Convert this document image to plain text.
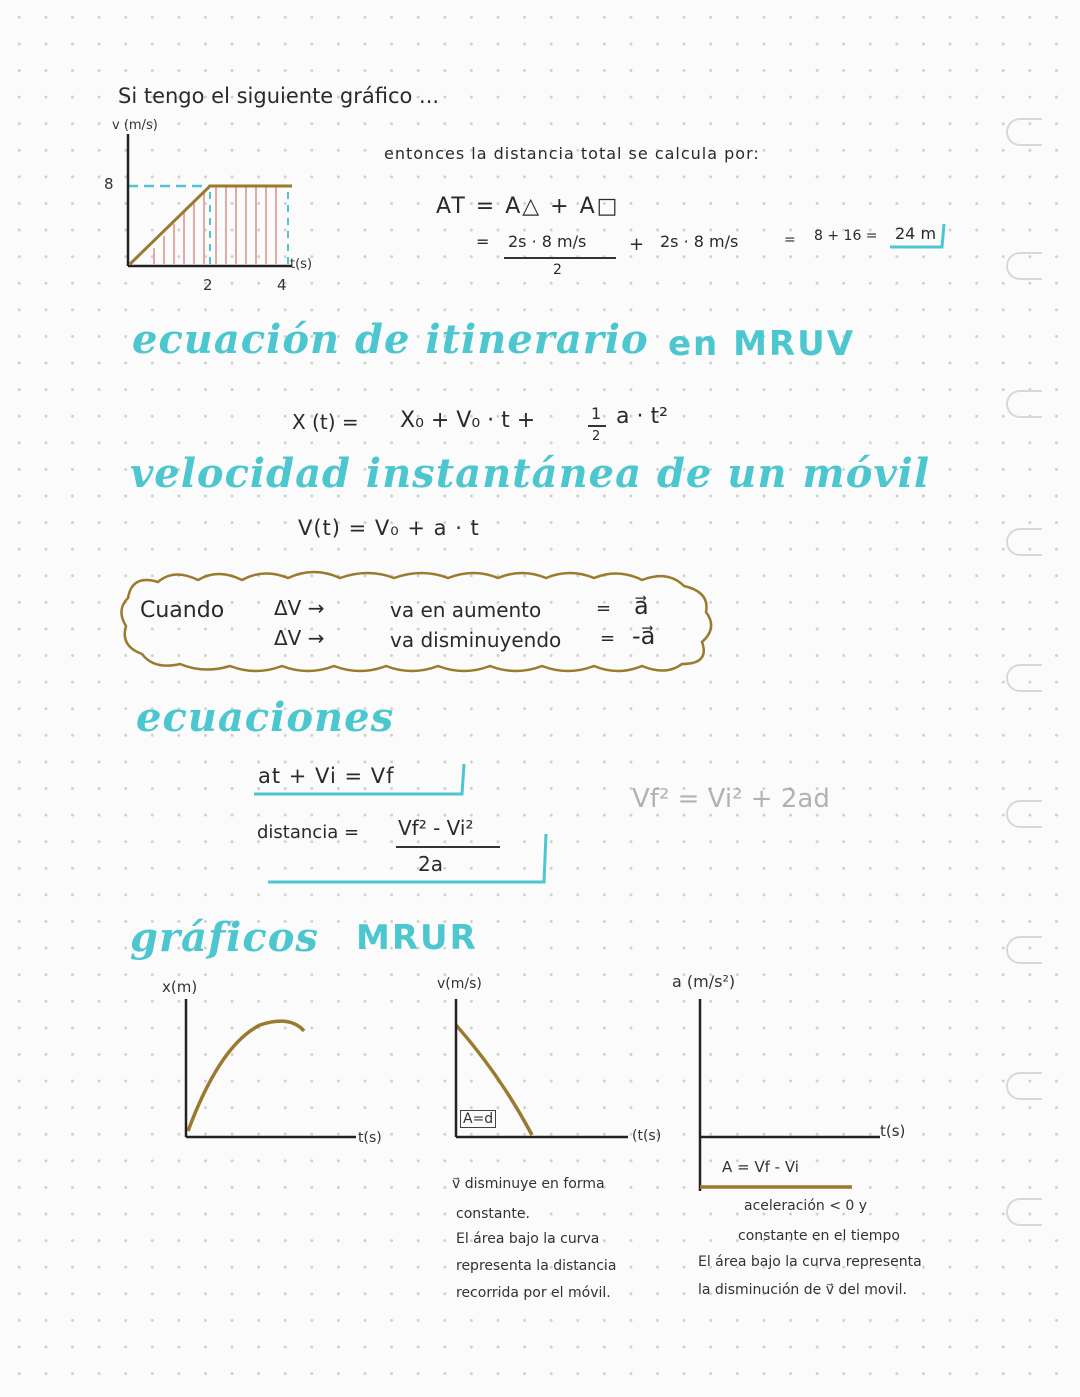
Si tengo el siguiente gráfico ...
v (m/s)
8
2	4
t(s)
entonces la distancia total se calcula por:
AT = A△ + A□
= 2s · 8 m/s
2
+ 2s · 8 m/s	= 8 + 16 = 24 m
ecuación de itinerario en MRUV
X (t) = X₀ + V₀ · t +	1
2
a · t²
velocidad instantánea de un móvil
V(t) = V₀ + a · t
Cuando ΔV →	va en aumento	= a⃗
ΔV →	va disminuyendo = -a⃗
ecuaciones
at + Vi = Vf
Vf² = Vi² + 2ad
distancia = Vf² - Vi²
2a
gráficos MRUR
x(m)
t(s)
v(m/s)
A=d
(t(s)
v⃗ disminuye en forma
constante.
El área bajo la curva
representa la distancia
recorrida por el móvil.
a (m/s²)
t(s)
A = Vf - Vi
aceleración < 0 y
constante en el tiempo
El área bajo la curva representa
la disminución de v⃗ del movil.
